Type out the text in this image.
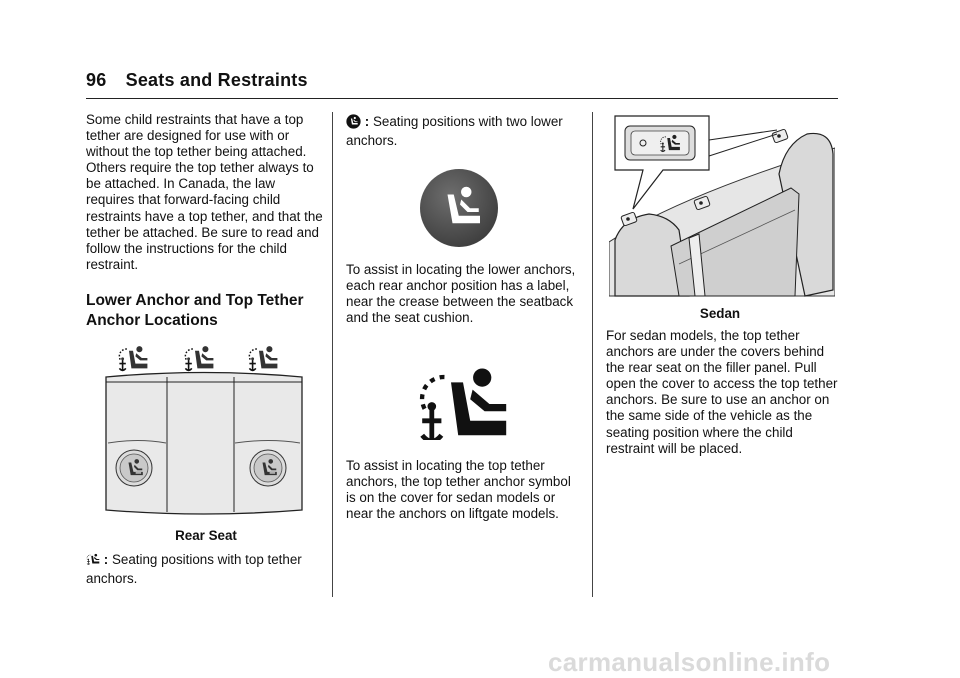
96 Seats and Restraints

Some child restraints that have a top tether are designed for use with or without the top tether being attached. Others require the top tether always to be attached. In Canada, the law requires that forward-facing child restraints have a top tether, and that the tether be attached. Be sure to read and follow the instructions for the child restraint.

Lower Anchor and Top Tether Anchor Locations
Rear Seat
: Seating positions with top tether anchors.
: Seating positions with two lower anchors.

To assist in locating the lower anchors, each rear anchor position has a label, near the crease between the seatback and the seat cushion.

To assist in locating the top tether anchors, the top tether anchor symbol is on the cover for sedan models or near the anchors on liftgate models.

Sedan

For sedan models, the top tether anchors are under the covers behind the rear seat on the filler panel. Pull open the cover to access the top tether anchors. Be sure to use an anchor on the same side of the vehicle as the seating position where the child restraint will be placed.

carmanualsonline.info
